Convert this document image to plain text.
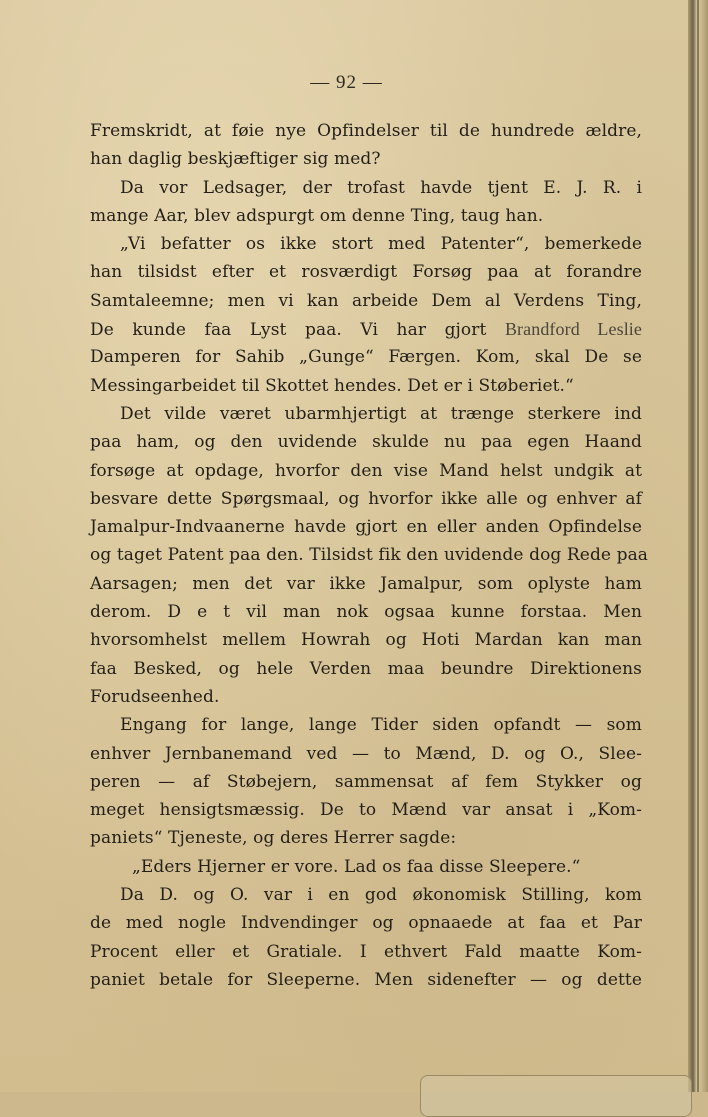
— 92 —
Fremskridt, at føie nye Opfindelser til de hundrede ældre,
han daglig beskjæftiger sig med?
Da vor Ledsager, der trofast havde tjent E. J. R. i
mange Aar, blev adspurgt om denne Ting, taug han.
„Vi befatter os ikke stort med Patenter“, bemerkede
han tilsidst efter et rosværdigt Forsøg paa at forandre
Samtaleemne; men vi kan arbeide Dem al Verdens Ting,
De kunde faa Lyst paa. Vi har gjort Brandford Leslie
Damperen for Sahib „Gunge“ Færgen. Kom, skal De se
Messingarbeidet til Skottet hendes. Det er i Støberiet.“
Det vilde været ubarmhjertigt at trænge sterkere ind
paa ham, og den uvidende skulde nu paa egen Haand
forsøge at opdage, hvorfor den vise Mand helst undgik at
besvare dette Spørgsmaal, og hvorfor ikke alle og enhver af
Jamalpur-Indvaanerne havde gjort en eller anden Opfindelse
og taget Patent paa den. Tilsidst fik den uvidende dog Rede paa
Aarsagen; men det var ikke Jamalpur, som oplyste ham
derom. D e t vil man nok ogsaa kunne forstaa. Men
hvorsomhelst mellem Howrah og Hoti Mardan kan man
faa Besked, og hele Verden maa beundre Direktionens
Forudseenhed.
Engang for lange, lange Tider siden opfandt — som
enhver Jernbanemand ved — to Mænd, D. og O., Slee-
peren — af Støbejern, sammensat af fem Stykker og
meget hensigtsmæssig. De to Mænd var ansat i „Kom-
paniets“ Tjeneste, og deres Herrer sagde:
„Eders Hjerner er vore. Lad os faa disse Sleepere.“
Da D. og O. var i en god økonomisk Stilling, kom
de med nogle Indvendinger og opnaaede at faa et Par
Procent eller et Gratiale. I ethvert Fald maatte Kom-
paniet betale for Sleeperne. Men sidenefter — og dette
